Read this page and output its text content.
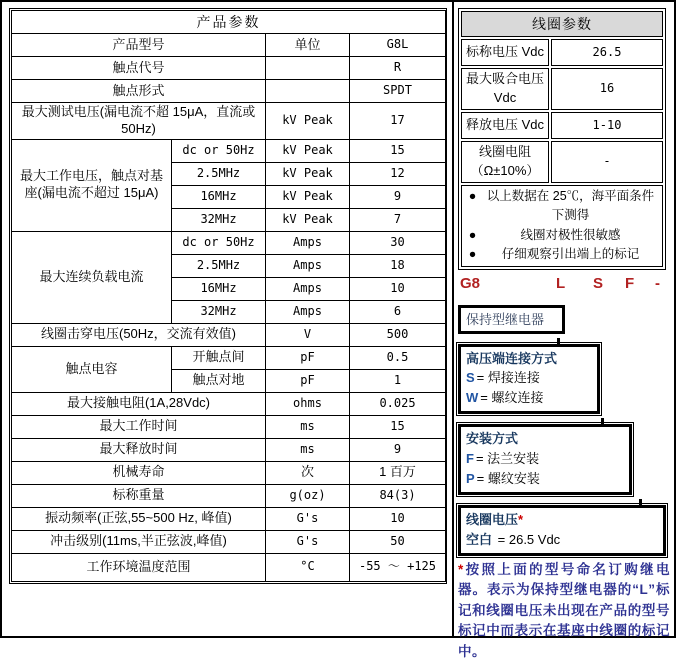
产品参数			
产品型号		单位	G8L
触点代号			R
触点形式			SPDT
最大测试电压(漏电流不超 15μA，直流或50Hz)		kV Peak	17
最大工作电压，触点对基座(漏电流不超过 15μA)	dc or 50Hz	kV Peak	15
	2.5MHz	kV Peak	12
	16MHz	kV Peak	9
	32MHz	kV Peak	7
最大连续负载电流	dc or 50Hz	Amps	30
	2.5MHz	Amps	18
	16MHz	Amps	10
	32MHz	Amps	6
线圈击穿电压(50Hz，交流有效值)		V	500
触点电容	开触点间	pF	0.5
	触点对地	pF	1
最大接触电阻(1A,28Vdc)		ohms	0.025
最大工作时间		ms	15
最大释放时间		ms	9
机械寿命		次	1 百万
标称重量		g(oz)	84(3)
振动频率(正弦,55~500 Hz, 峰值)		G's	10
冲击级别(11ms,半正弦波,峰值)		G's	50
工作环境温度范围		°C	-55 ～ +125
线圈参数	
标称电压 Vdc	26.5
最大吸合电压 Vdc	16
释放电压 Vdc	1-10
线圈电阻（Ω±10%）	-

● 以上数据在 25℃，海平面条件下测得
●	线圈对极性很敏感
●	仔细观察引出端上的标记
G8	L S F -
保持型继电器
高压端连接方式
S = 焊接连接
W = 螺纹连接
安装方式
F = 法兰安装
P = 螺纹安装
线圈电压*
空白 = 26.5 Vdc
*按照上面的型号命名订购继电器。表示为保持型继电器的“L”标记和线圈电压未出现在产品的型号标记中而表示在基座中线圈的标记中。
